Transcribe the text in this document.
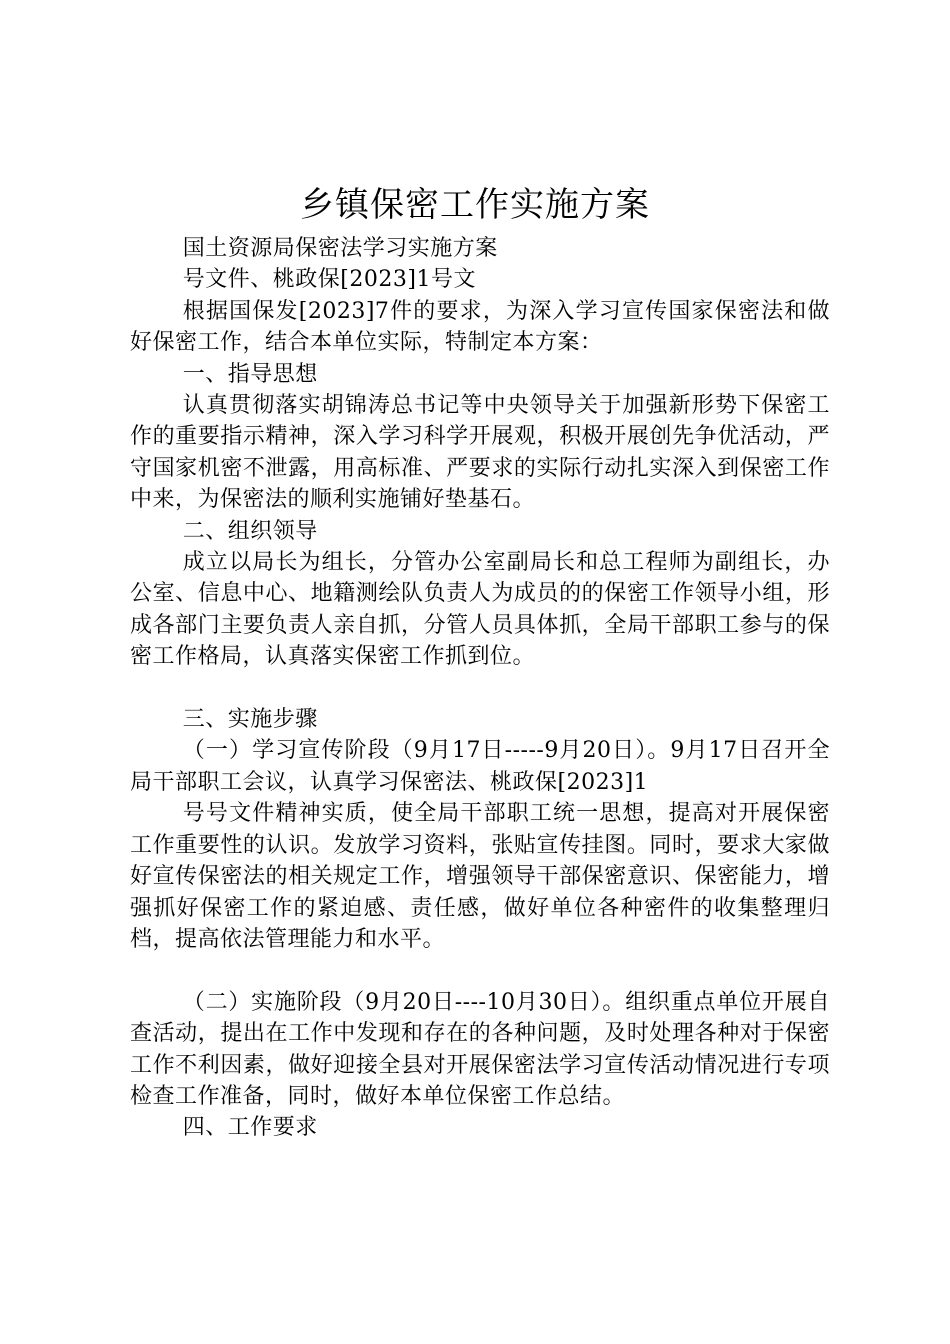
乡镇保密工作实施方案

国土资源局保密法学习实施方案

号文件、桃政保[2023]1号文

根据国保发[2023]7件的要求，为深入学习宣传国家保密法和做好保密工作，结合本单位实际，特制定本方案：

一、指导思想

认真贯彻落实胡锦涛总书记等中央领导关于加强新形势下保密工作的重要指示精神，深入学习科学开展观，积极开展创先争优活动，严守国家机密不泄露，用高标准、严要求的实际行动扎实深入到保密工作中来，为保密法的顺利实施铺好垫基石。

二、组织领导

成立以局长为组长，分管办公室副局长和总工程师为副组长，办公室、信息中心、地籍测绘队负责人为成员的的保密工作领导小组，形成各部门主要负责人亲自抓，分管人员具体抓，全局干部职工参与的保密工作格局，认真落实保密工作抓到位。

三、实施步骤

（一）学习宣传阶段（9月17日-----9月20日）。9月17日召开全局干部职工会议，认真学习保密法、桃政保[2023]1

号号文件精神实质，使全局干部职工统一思想，提高对开展保密工作重要性的认识。发放学习资料，张贴宣传挂图。同时，要求大家做好宣传保密法的相关规定工作，增强领导干部保密意识、保密能力，增强抓好保密工作的紧迫感、责任感，做好单位各种密件的收集整理归档，提高依法管理能力和水平。

（二）实施阶段（9月20日----10月30日）。组织重点单位开展自查活动，提出在工作中发现和存在的各种问题，及时处理各种对于保密工作不利因素，做好迎接全县对开展保密法学习宣传活动情况进行专项检查工作准备，同时，做好本单位保密工作总结。

四、工作要求
